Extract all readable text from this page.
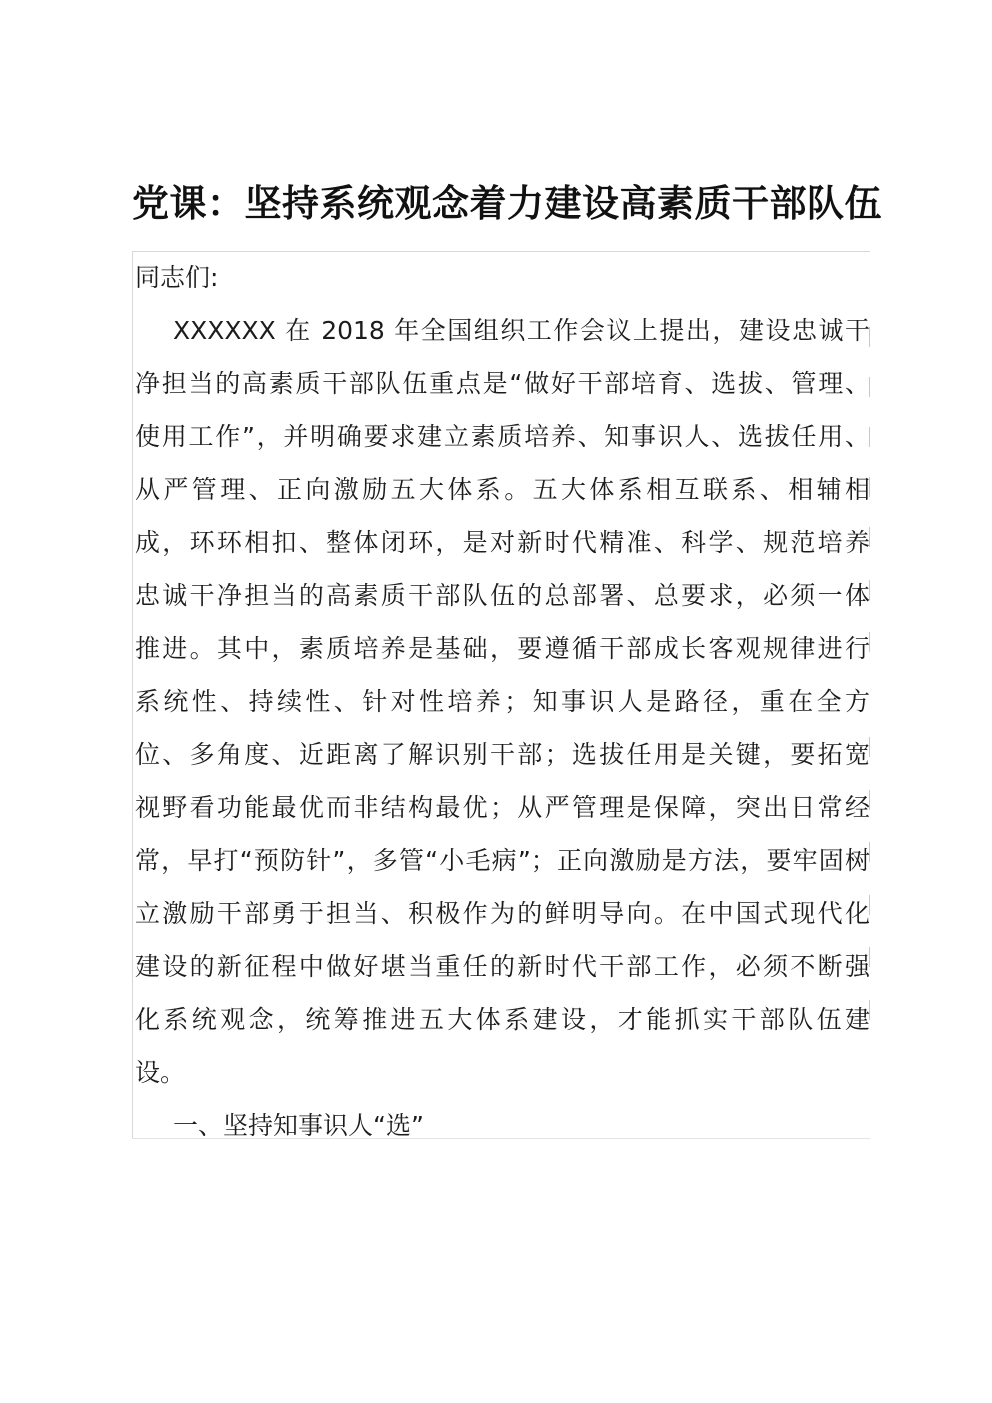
党课：坚持系统观念着力建设高素质干部队伍
同志们:
XXXXXX 在 2018 年全国组织工作会议上提出，建设忠诚干
净担当的高素质干部队伍重点是“做好干部培育、选拔、管理、
使用工作”，并明确要求建立素质培养、知事识人、选拔任用、
从严管理、正向激励五大体系。五大体系相互联系、相辅相
成，环环相扣、整体闭环，是对新时代精准、科学、规范培养
忠诚干净担当的高素质干部队伍的总部署、总要求，必须一体
推进。其中，素质培养是基础，要遵循干部成长客观规律进行
系统性、持续性、针对性培养；知事识人是路径，重在全方
位、多角度、近距离了解识别干部；选拔任用是关键，要拓宽
视野看功能最优而非结构最优；从严管理是保障，突出日常经
常，早打“预防针”，多管“小毛病”；正向激励是方法，要牢固树
立激励干部勇于担当、积极作为的鲜明导向。在中国式现代化
建设的新征程中做好堪当重任的新时代干部工作，必须不断强
化系统观念，统筹推进五大体系建设，才能抓实干部队伍建
设。
一、坚持知事识人“选”
